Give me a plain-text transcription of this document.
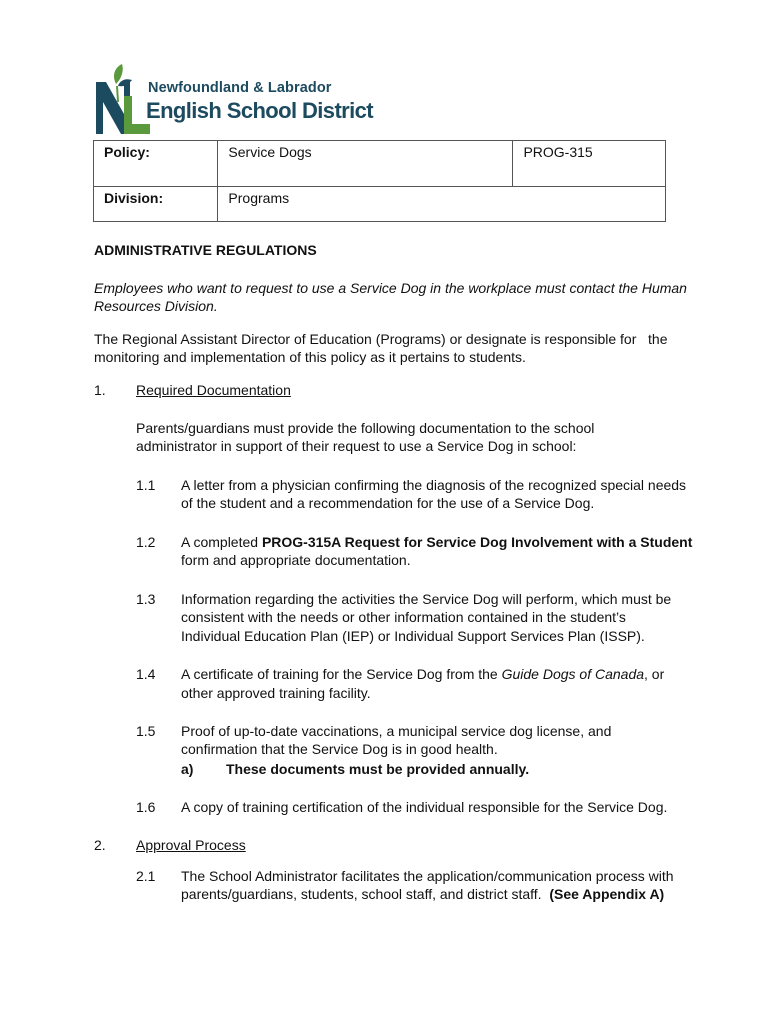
Newfoundland & Labrador
English School District
Policy:	Service Dogs	PROG-315
Division:	Programs	
ADMINISTRATIVE REGULATIONS
Employees who want to request to use a Service Dog in the workplace must contact the Human
Resources Division.
The Regional Assistant Director of Education (Programs) or designate is responsible for   the
monitoring and implementation of this policy as it pertains to students.
1. Required Documentation
Parents/guardians must provide the following documentation to the school
administrator in support of their request to use a Service Dog in school:
1.1 A letter from a physician confirming the diagnosis of the recognized special needs
of the student and a recommendation for the use of a Service Dog.
1.2 A completed PROG-315A Request for Service Dog Involvement with a Student
form and appropriate documentation.
1.3 Information regarding the activities the Service Dog will perform, which must be
consistent with the needs or other information contained in the student’s
Individual Education Plan (IEP) or Individual Support Services Plan (ISSP).
1.4 A certificate of training for the Service Dog from the Guide Dogs of Canada, or
other approved training facility.
1.5 Proof of up-to-date vaccinations, a municipal service dog license, and
confirmation that the Service Dog is in good health.
a) These documents must be provided annually.
1.6 A copy of training certification of the individual responsible for the Service Dog.
2. Approval Process
2.1 The School Administrator facilitates the application/communication process with
parents/guardians, students, school staff, and district staff.  (See Appendix A)
